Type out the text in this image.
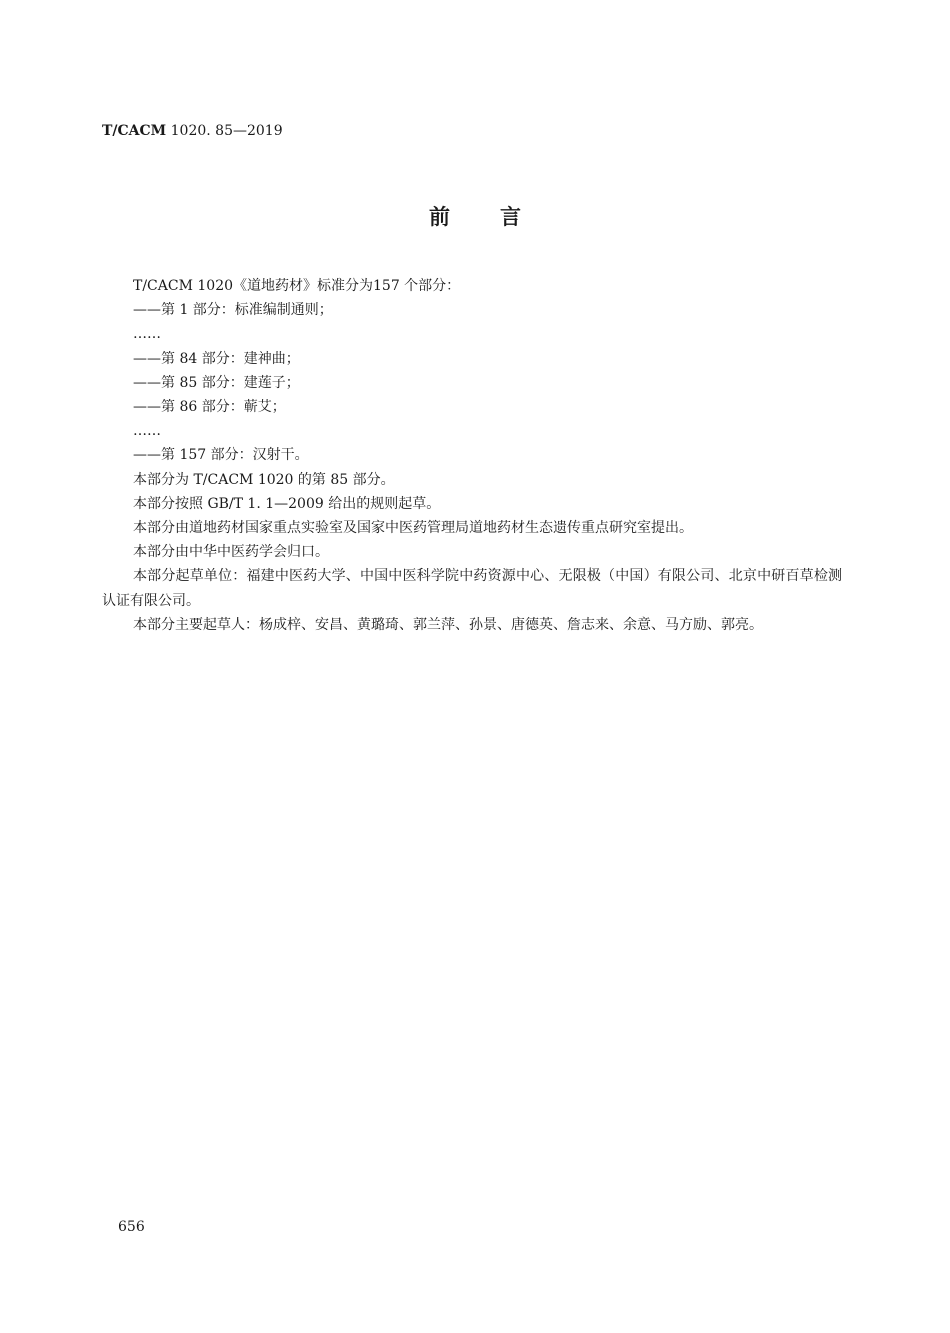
T/CACM 1020. 85—2019
前言

T/CACM 1020《道地药材》标准分为157 个部分：

——第 1 部分：标准编制通则；

……

——第 84 部分：建神曲；

——第 85 部分：建莲子；

——第 86 部分：蕲艾；

……

——第 157 部分：汉射干。

本部分为 T/CACM 1020 的第 85 部分。

本部分按照 GB/T 1. 1—2009 给出的规则起草。

本部分由道地药材国家重点实验室及国家中医药管理局道地药材生态遗传重点研究室提出。

本部分由中华中医药学会归口。

本部分起草单位：福建中医药大学、中国中医科学院中药资源中心、无限极（中国）有限公司、北京中研百草检测认证有限公司。

本部分主要起草人：杨成梓、安昌、黄璐琦、郭兰萍、孙景、唐德英、詹志来、余意、马方励、郭亮。

656
